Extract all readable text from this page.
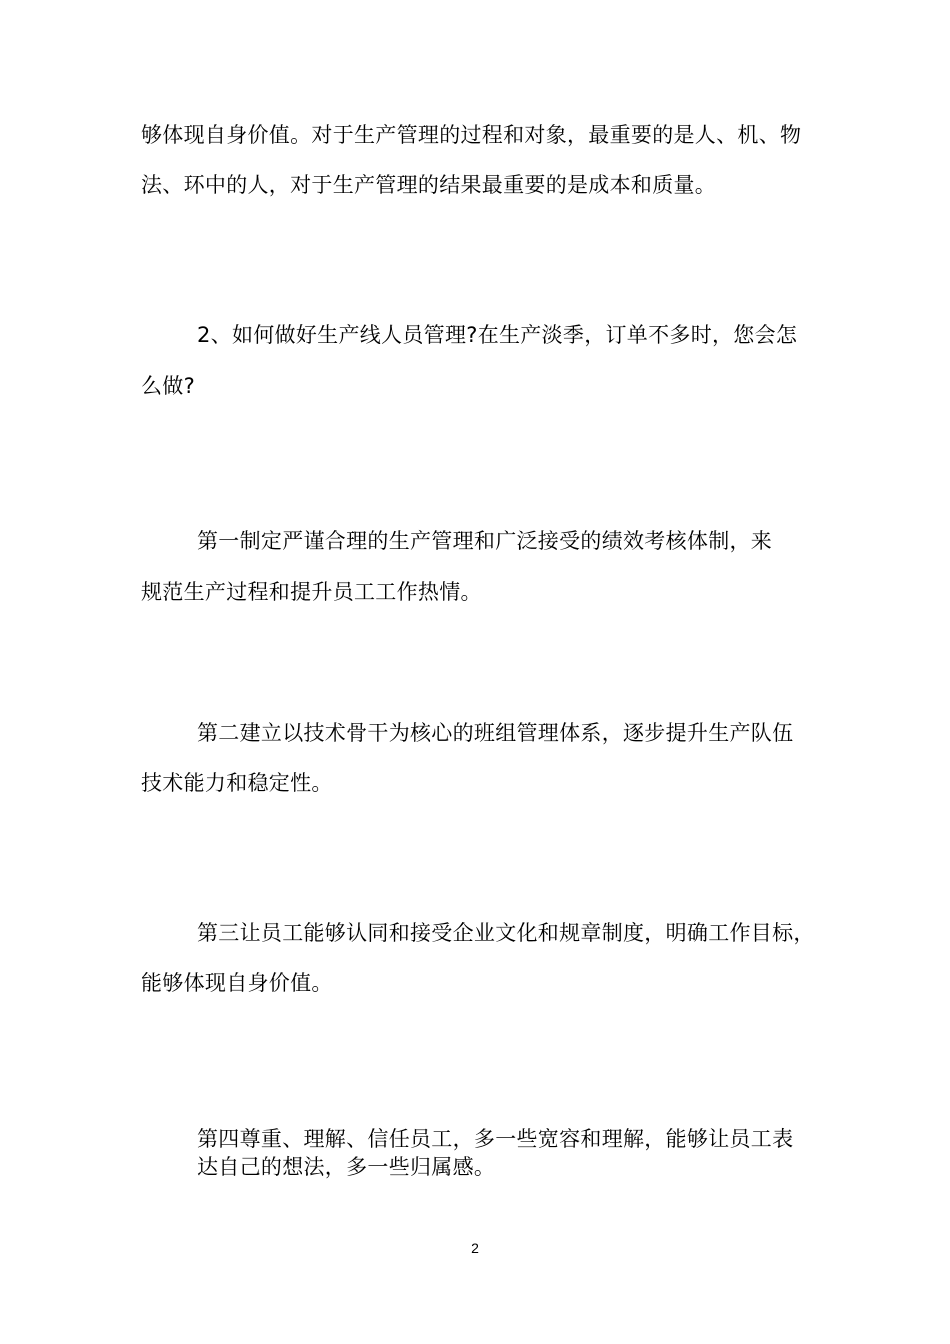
够体现自身价值。对于生产管理的过程和对象，最重要的是人、机、物
法、环中的人，对于生产管理的结果最重要的是成本和质量。
2、如何做好生产线人员管理?在生产淡季，订单不多时，您会怎
么做?
第一制定严谨合理的生产管理和广泛接受的绩效考核体制，来
规范生产过程和提升员工工作热情。
第二建立以技术骨干为核心的班组管理体系，逐步提升生产队伍
技术能力和稳定性。
第三让员工能够认同和接受企业文化和规章制度，明确工作目标，
能够体现自身价值。
第四尊重、理解、信任员工，多一些宽容和理解，能够让员工表
达自己的想法，多一些归属感。
2
